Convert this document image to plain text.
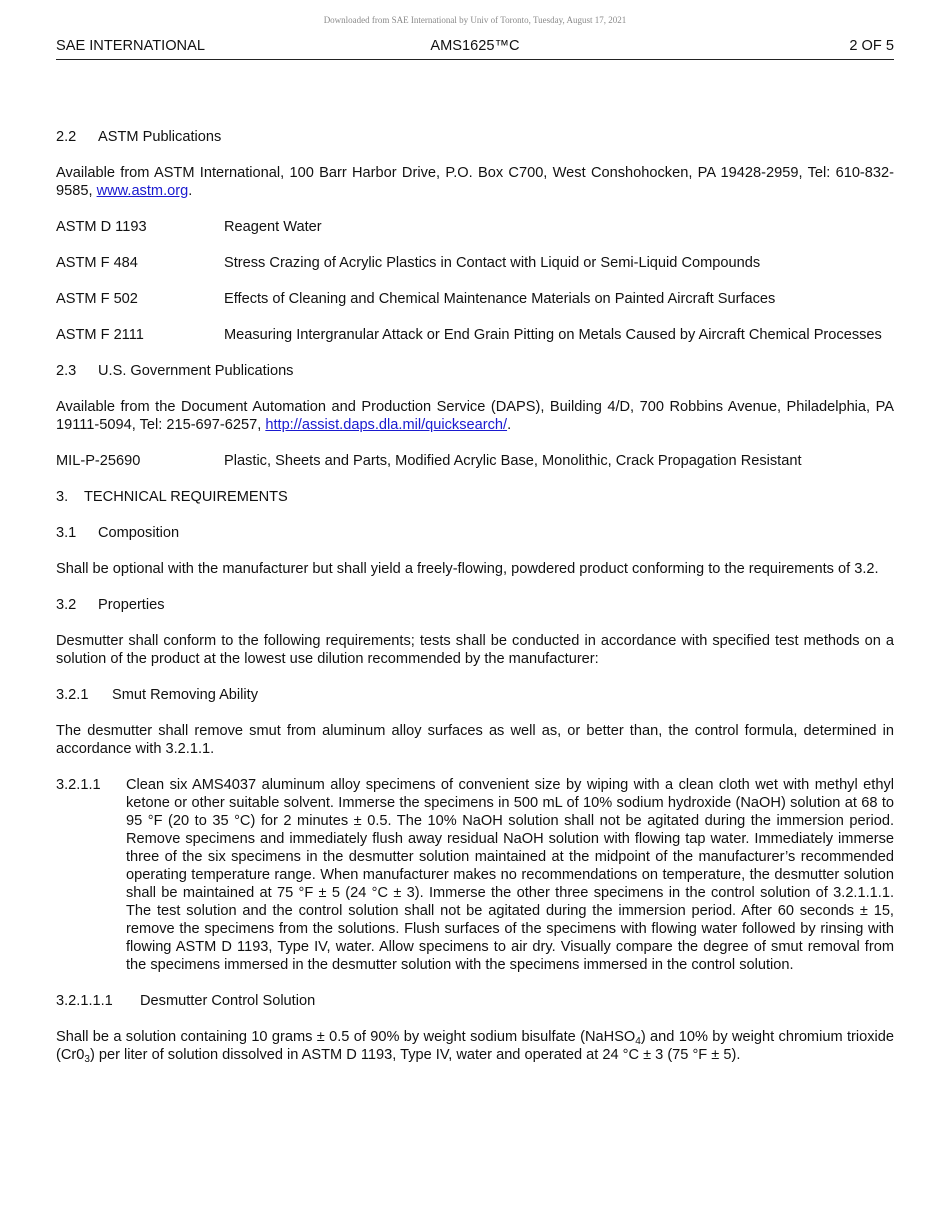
Downloaded from SAE International by Univ of Toronto, Tuesday, August 17, 2021
SAE INTERNATIONAL	AMS1625™C	2 OF 5
2.2 ASTM Publications

Available from ASTM International, 100 Barr Harbor Drive, P.O. Box C700, West Conshohocken, PA 19428-2959, Tel: 610-832-9585, www.astm.org.

ASTM D 1193	Reagent Water
ASTM F 484	Stress Crazing of Acrylic Plastics in Contact with Liquid or Semi-Liquid Compounds
ASTM F 502	Effects of Cleaning and Chemical Maintenance Materials on Painted Aircraft Surfaces
ASTM F 2111	Measuring Intergranular Attack or End Grain Pitting on Metals Caused by Aircraft Chemical Processes
2.3 U.S. Government Publications

Available from the Document Automation and Production Service (DAPS), Building 4/D, 700 Robbins Avenue, Philadelphia, PA 19111-5094, Tel: 215-697-6257, http://assist.daps.dla.mil/quicksearch/.

MIL-P-25690	Plastic, Sheets and Parts, Modified Acrylic Base, Monolithic, Crack Propagation Resistant
3. TECHNICAL REQUIREMENTS
3.1 Composition

Shall be optional with the manufacturer but shall yield a freely-flowing, powdered product conforming to the requirements of 3.2.

3.2 Properties

Desmutter shall conform to the following requirements; tests shall be conducted in accordance with specified test methods on a solution of the product at the lowest use dilution recommended by the manufacturer:

3.2.1 Smut Removing Ability

The desmutter shall remove smut from aluminum alloy surfaces as well as, or better than, the control formula, determined in accordance with 3.2.1.1.

3.2.1.1	Clean six AMS4037 aluminum alloy specimens of convenient size by wiping with a clean cloth wet with methyl ethyl ketone or other suitable solvent. Immerse the specimens in 500 mL of 10% sodium hydroxide (NaOH) solution at 68 to 95 °F (20 to 35 °C) for 2 minutes ± 0.5. The 10% NaOH solution shall not be agitated during the immersion period. Remove specimens and immediately flush away residual NaOH solution with flowing tap water. Immediately immerse three of the six specimens in the desmutter solution maintained at the midpoint of the manufacturer’s recommended operating temperature range. When manufacturer makes no recommendations on temperature, the desmutter solution shall be maintained at 75 °F ± 5 (24 °C ± 3). Immerse the other three specimens in the control solution of 3.2.1.1.1. The test solution and the control solution shall not be agitated during the immersion period. After 60 seconds ± 15, remove the specimens from the solutions. Flush surfaces of the specimens with flowing water followed by rinsing with flowing ASTM D 1193, Type IV, water. Allow specimens to air dry. Visually compare the degree of smut removal from the specimens immersed in the desmutter solution with the specimens immersed in the control solution.
3.2.1.1.1 Desmutter Control Solution

Shall be a solution containing 10 grams ± 0.5 of 90% by weight sodium bisulfate (NaHSO$_4$) and 10% by weight chromium trioxide $(Cr0_3)$ per liter of solution dissolved in ASTM D 1193, Type IV, water and operated at 24 °C ± 3 (75 °F ± 5).
